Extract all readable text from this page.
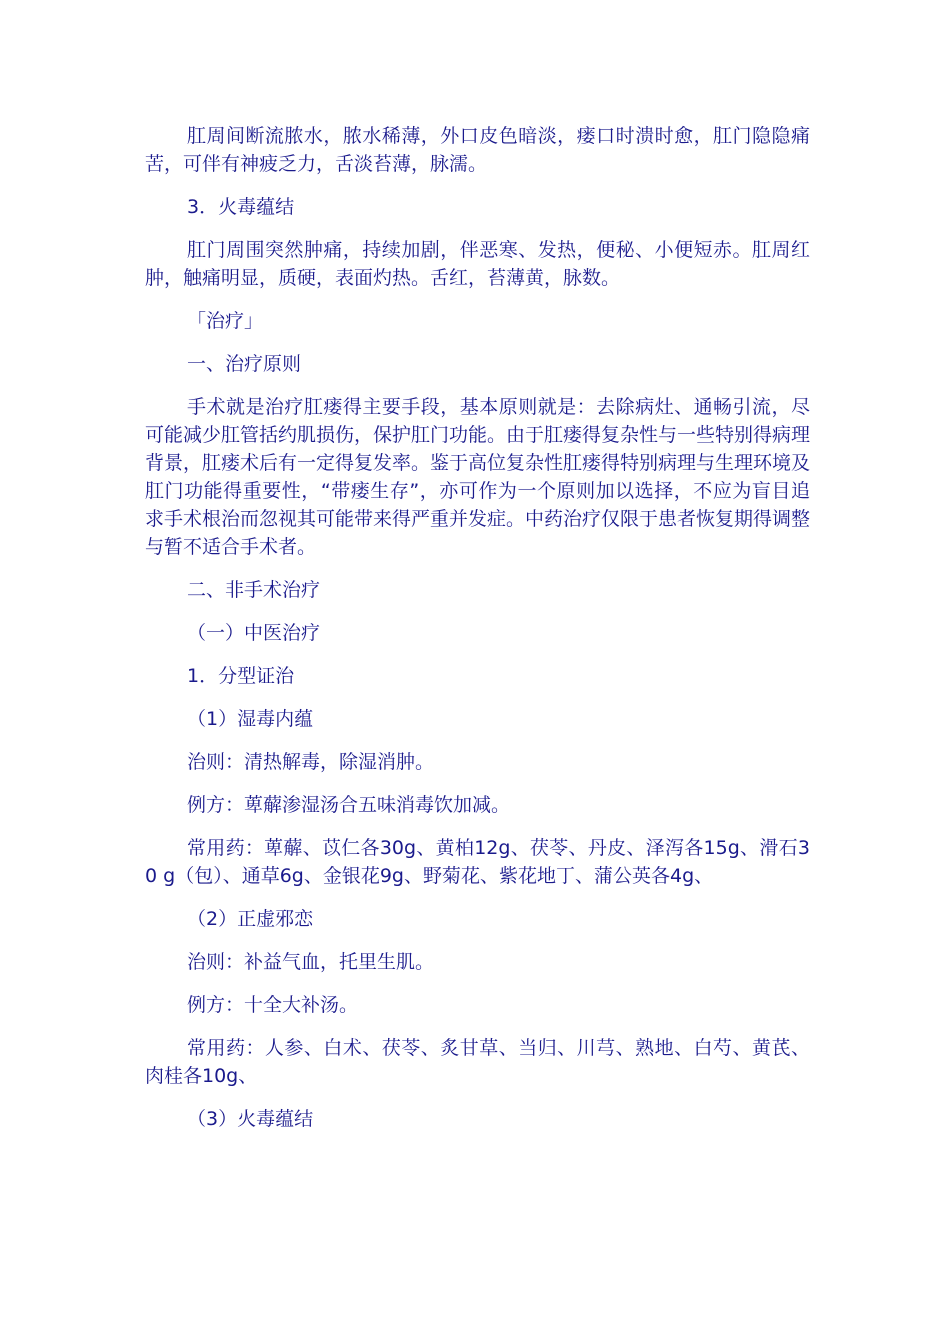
肛周间断流脓水，脓水稀薄，外口皮色暗淡，瘘口时溃时愈，肛门隐隐痛苦，可伴有神疲乏力，舌淡苔薄，脉濡。

3．火毒蕴结

肛门周围突然肿痛，持续加剧，伴恶寒、发热，便秘、小便短赤。肛周红肿，触痛明显，质硬，表面灼热。舌红，苔薄黄，脉数。

「治疗」

一、治疗原则

手术就是治疗肛瘘得主要手段，基本原则就是：去除病灶、通畅引流，尽可能减少肛管括约肌损伤，保护肛门功能。由于肛瘘得复杂性与一些特别得病理背景，肛瘘术后有一定得复发率。鉴于高位复杂性肛瘘得特别病理与生理环境及肛门功能得重要性，“带瘘生存”，亦可作为一个原则加以选择，不应为盲目追求手术根治而忽视其可能带来得严重并发症。中药治疗仅限于患者恢复期得调整与暂不适合手术者。

二、非手术治疗

（一）中医治疗

1．分型证治

（1）湿毒内蕴

治则：清热解毒，除湿消肿。

例方：萆薢渗湿汤合五味消毒饮加减。

常用药：萆薢、苡仁各30g、黄柏12g、茯苓、丹皮、泽泻各15g、滑石30 g（包）、通草6g、金银花9g、野菊花、紫花地丁、蒲公英各4g、

（2）正虚邪恋

治则：补益气血，托里生肌。

例方：十全大补汤。

常用药：人参、白术、茯苓、炙甘草、当归、川芎、熟地、白芍、黄芪、肉桂各10g、

（3）火毒蕴结
